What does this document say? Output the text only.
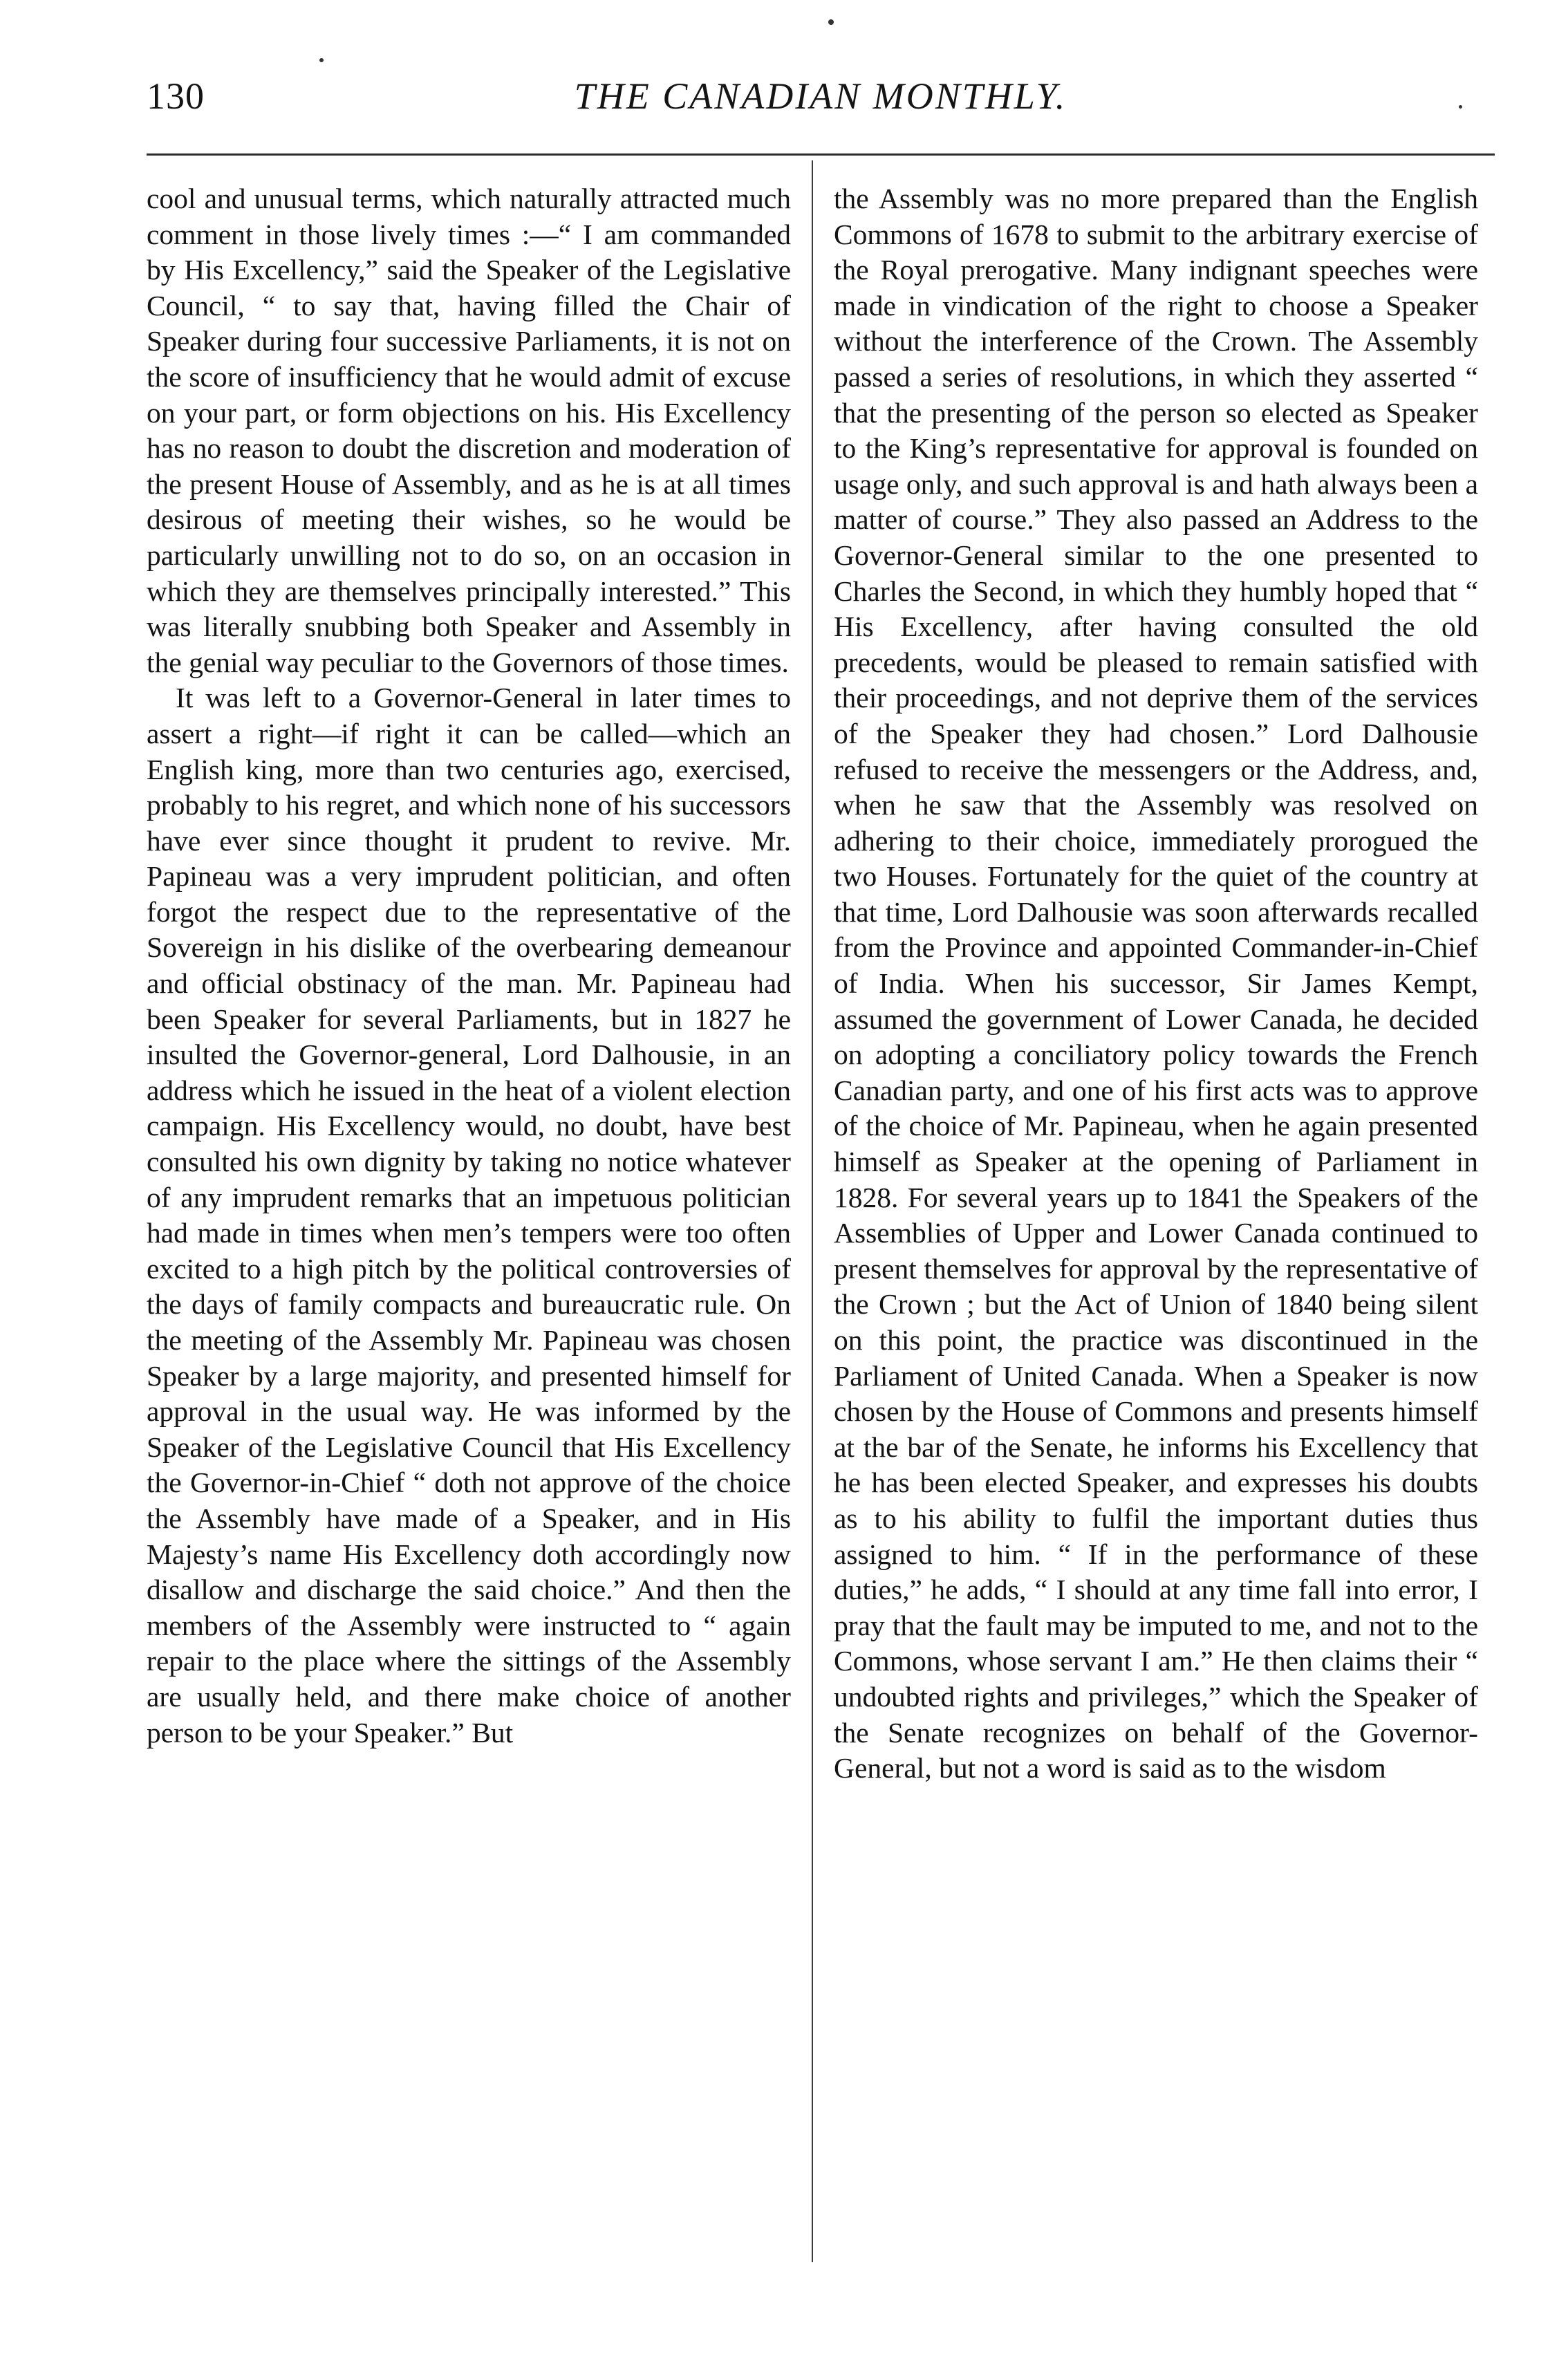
130	THE CANADIAN MONTHLY.

cool and unusual terms, which naturally attracted much comment in those lively times :—“ I am commanded by His Excellency,” said the Speaker of the Legislative Council, “ to say that, having filled the Chair of Speaker during four successive Parliaments, it is not on the score of insufficiency that he would admit of excuse on your part, or form objections on his. His Excellency has no reason to doubt the discretion and moderation of the present House of Assembly, and as he is at all times desirous of meeting their wishes, so he would be particularly unwilling not to do so, on an occasion in which they are themselves principally interested.” This was literally snubbing both Speaker and Assembly in the genial way peculiar to the Governors of those times.

It was left to a Governor-General in later times to assert a right—if right it can be called—which an English king, more than two centuries ago, exercised, probably to his regret, and which none of his successors have ever since thought it prudent to revive. Mr. Papineau was a very imprudent politician, and often forgot the respect due to the representative of the Sovereign in his dislike of the overbearing demeanour and official obstinacy of the man. Mr. Papineau had been Speaker for several Parliaments, but in 1827 he insulted the Governor-general, Lord Dalhousie, in an address which he issued in the heat of a violent election campaign. His Excellency would, no doubt, have best consulted his own dignity by taking no notice whatever of any imprudent remarks that an impetuous politician had made in times when men’s tempers were too often excited to a high pitch by the political controversies of the days of family compacts and bureaucratic rule. On the meeting of the Assembly Mr. Papineau was chosen Speaker by a large majority, and presented himself for approval in the usual way. He was informed by the Speaker of the Legislative Council that His Excellency the Governor-in-Chief “ doth not approve of the choice the Assembly have made of a Speaker, and in His Majesty’s name His Excellency doth accordingly now disallow and discharge the said choice.” And then the members of the Assembly were instructed to “ again repair to the place where the sittings of the Assembly are usually held, and there make choice of another person to be your Speaker.” But

the Assembly was no more prepared than the English Commons of 1678 to submit to the arbitrary exercise of the Royal prerogative. Many indignant speeches were made in vindication of the right to choose a Speaker without the interference of the Crown. The Assembly passed a series of resolutions, in which they asserted “ that the presenting of the person so elected as Speaker to the King’s representative for approval is founded on usage only, and such approval is and hath always been a matter of course.” They also passed an Address to the Governor-General similar to the one presented to Charles the Second, in which they humbly hoped that “ His Excellency, after having consulted the old precedents, would be pleased to remain satisfied with their proceedings, and not deprive them of the services of the Speaker they had chosen.” Lord Dalhousie refused to receive the messengers or the Address, and, when he saw that the Assembly was resolved on adhering to their choice, immediately prorogued the two Houses. Fortunately for the quiet of the country at that time, Lord Dalhousie was soon afterwards recalled from the Province and appointed Commander-in-Chief of India. When his successor, Sir James Kempt, assumed the government of Lower Canada, he decided on adopting a conciliatory policy towards the French Canadian party, and one of his first acts was to approve of the choice of Mr. Papineau, when he again presented himself as Speaker at the opening of Parliament in 1828. For several years up to 1841 the Speakers of the Assemblies of Upper and Lower Canada continued to present themselves for approval by the representative of the Crown ; but the Act of Union of 1840 being silent on this point, the practice was discontinued in the Parliament of United Canada. When a Speaker is now chosen by the House of Commons and presents himself at the bar of the Senate, he informs his Excellency that he has been elected Speaker, and expresses his doubts as to his ability to fulfil the important duties thus assigned to him. “ If in the performance of these duties,” he adds, “ I should at any time fall into error, I pray that the fault may be imputed to me, and not to the Commons, whose servant I am.” He then claims their “ undoubted rights and privileges,” which the Speaker of the Senate recognizes on behalf of the Governor-General, but not a word is said as to the wisdom
